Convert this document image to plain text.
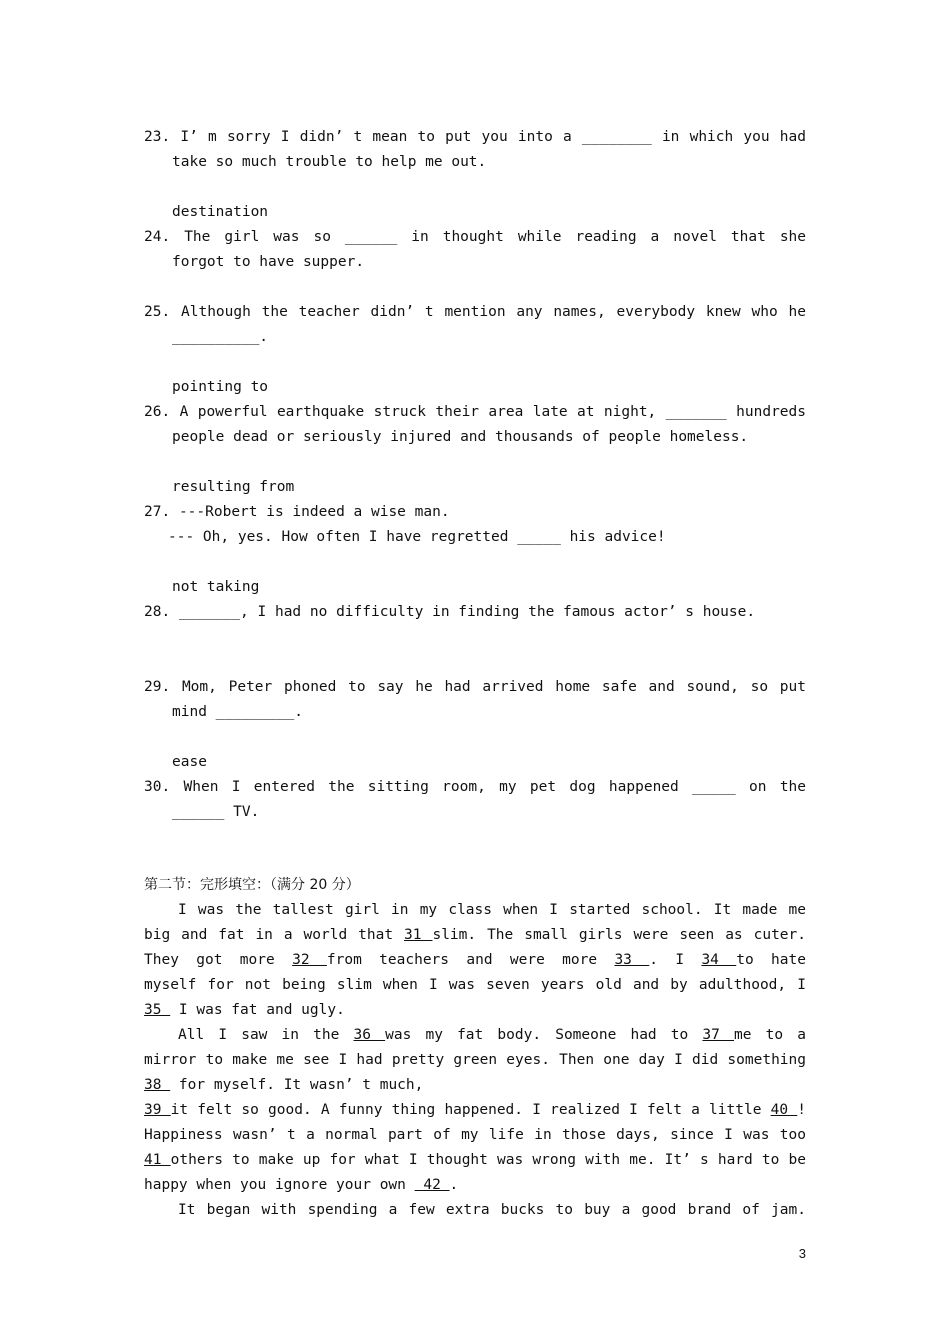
23. I’ m sorry I didn’ t mean to put you into a ________ in which you had
take so much trouble to help me out.

destination
24. The girl was so ______ in thought while reading a novel that she
forgot to have supper.

25. Although the teacher didn’ t mention any names, everybody knew who he
__________.

pointing to
26. A powerful earthquake struck their area late at night, _______ hundreds
people dead or seriously injured and thousands of people homeless.

resulting from
27. ---Robert is indeed a wise man.
--- Oh, yes. How often I have regretted _____ his advice!

not taking
28. _______, I had no difficulty in finding the famous actor’ s house.

29. Mom, Peter phoned to say he had arrived home safe and sound, so put
mind _________.

ease
30. When I entered the sitting room, my pet dog happened _____ on the
______ TV.

第二节：完形填空：（满分 20 分）
I was the tallest girl in my class when I started school. It made me
big and fat in a world that 31 slim. The small girls were seen as cuter.
They got more 32 from teachers and were more 33 . I 34 to hate
myself for not being slim when I was seven years old and by adulthood, I
35  I was fat and ugly.
All I saw in the 36 was my fat body. Someone had to 37 me to a
mirror to make me see I had pretty green eyes. Then one day I did something
38  for myself. It wasn’ t much,
39 it felt so good. A funny thing happened. I realized I felt a little 40 !
Happiness wasn’ t a normal part of my life in those days, since I was too
41 others to make up for what I thought was wrong with me. It’ s hard to be
happy when you ignore your own  42 .
It began with spending a few extra bucks to buy a good brand of jam.
3
